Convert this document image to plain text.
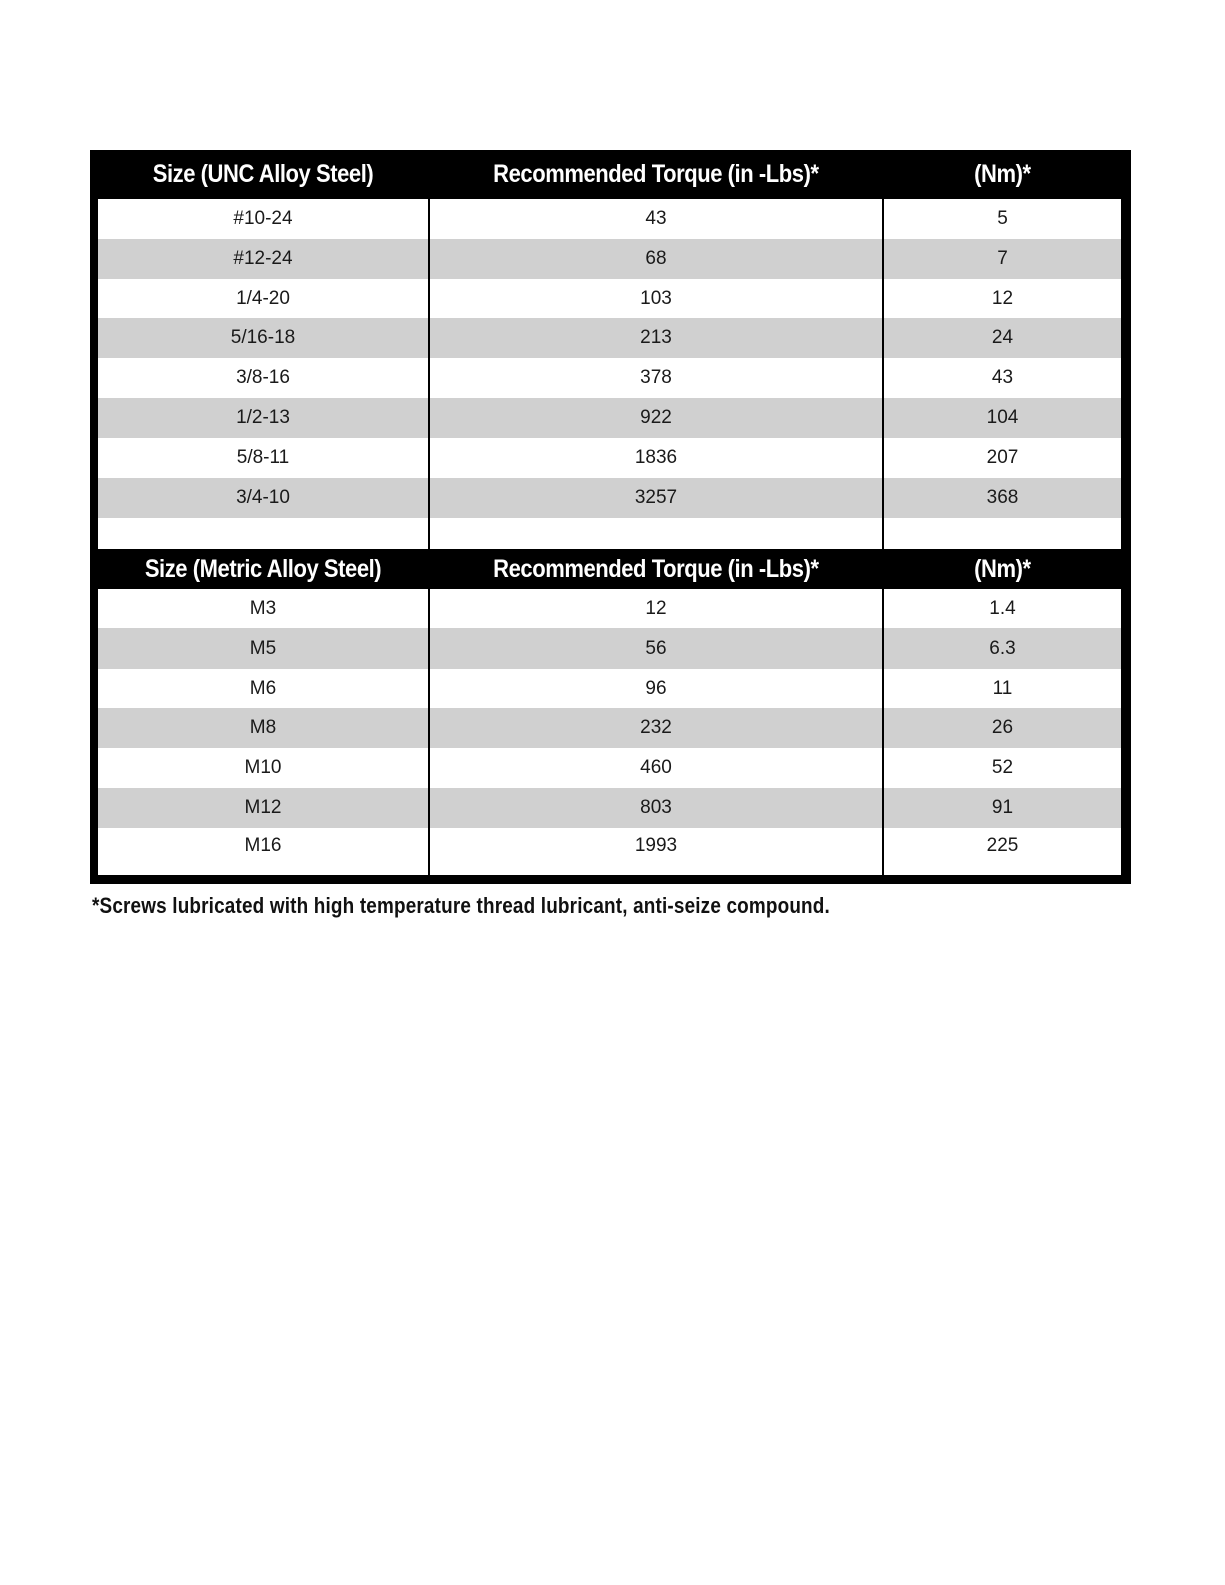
Size (UNC Alloy Steel)	Recommended Torque (in -Lbs)*	(Nm)*
#10-24	43	5
#12-24	68	7
1/4-20	103	12
5/16-18	213	24
3/8-16	378	43
1/2-13	922	104
5/8-11	1836	207
3/4-10	3257	368
Size (Metric Alloy Steel)	Recommended Torque (in -Lbs)*	(Nm)*
M3	12	1.4
M5	56	6.3
M6	96	11
M8	232	26
M10	460	52
M12	803	91
M16	1993	225
*Screws lubricated with high temperature thread lubricant, anti-seize compound.
